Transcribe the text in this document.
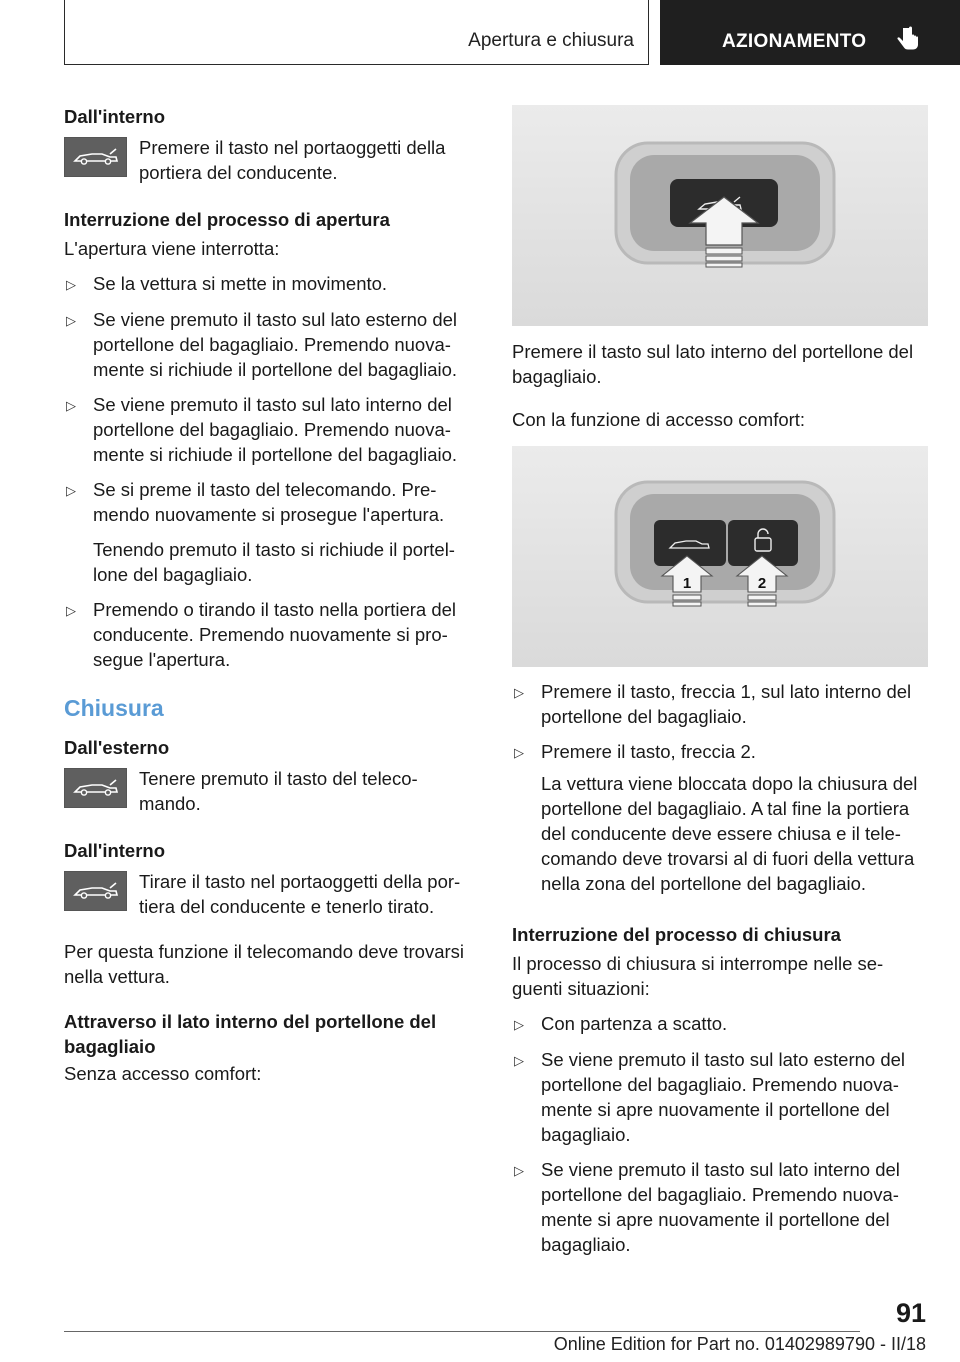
Apertura e chiusura	AZIONAMENTO
Dall'interno
Premere il tasto nel portaoggetti della portiera del conducente.
Interruzione del processo di apertura
L'apertura viene interrotta:
▷ Se la vettura si mette in movimento.
▷ Se viene premuto il tasto sul lato esterno del portellone del bagagliaio. Premendo nuova- mente si richiude il portellone del bagagliaio.
▷ Se viene premuto il tasto sul lato interno del portellone del bagagliaio. Premendo nuova- mente si richiude il portellone del bagagliaio.
▷ Se si preme il tasto del telecomando. Pre- mendo nuovamente si prosegue l'apertura.
Tenendo premuto il tasto si richiude il portel- lone del bagagliaio.
▷ Premendo o tirando il tasto nella portiera del conducente. Premendo nuovamente si pro- segue l'apertura.
Chiusura
Dall'esterno
Tenere premuto il tasto del teleco- mando.
Dall'interno
Tirare il tasto nel portaoggetti della por- tiera del conducente e tenerlo tirato.
Per questa funzione il telecomando deve trovarsi nella vettura.
Attraverso il lato interno del portellone del bagagliaio
Senza accesso comfort:
Premere il tasto sul lato interno del portellone del bagagliaio.
Con la funzione di accesso comfort:
1	2
▷ Premere il tasto, freccia 1, sul lato interno del portellone del bagagliaio.
▷ Premere il tasto, freccia 2.
La vettura viene bloccata dopo la chiusura del portellone del bagagliaio. A tal fine la portiera del conducente deve essere chiusa e il tele- comando deve trovarsi al di fuori della vettura nella zona del portellone del bagagliaio.
Interruzione del processo di chiusura
Il processo di chiusura si interrompe nelle se- guenti situazioni:
▷ Con partenza a scatto.
▷ Se viene premuto il tasto sul lato esterno del portellone del bagagliaio. Premendo nuova- mente si apre nuovamente il portellone del bagagliaio.
▷ Se viene premuto il tasto sul lato interno del portellone del bagagliaio. Premendo nuova- mente si apre nuovamente il portellone del bagagliaio.
91
Online Edition for Part no. 01402989790 - II/18
